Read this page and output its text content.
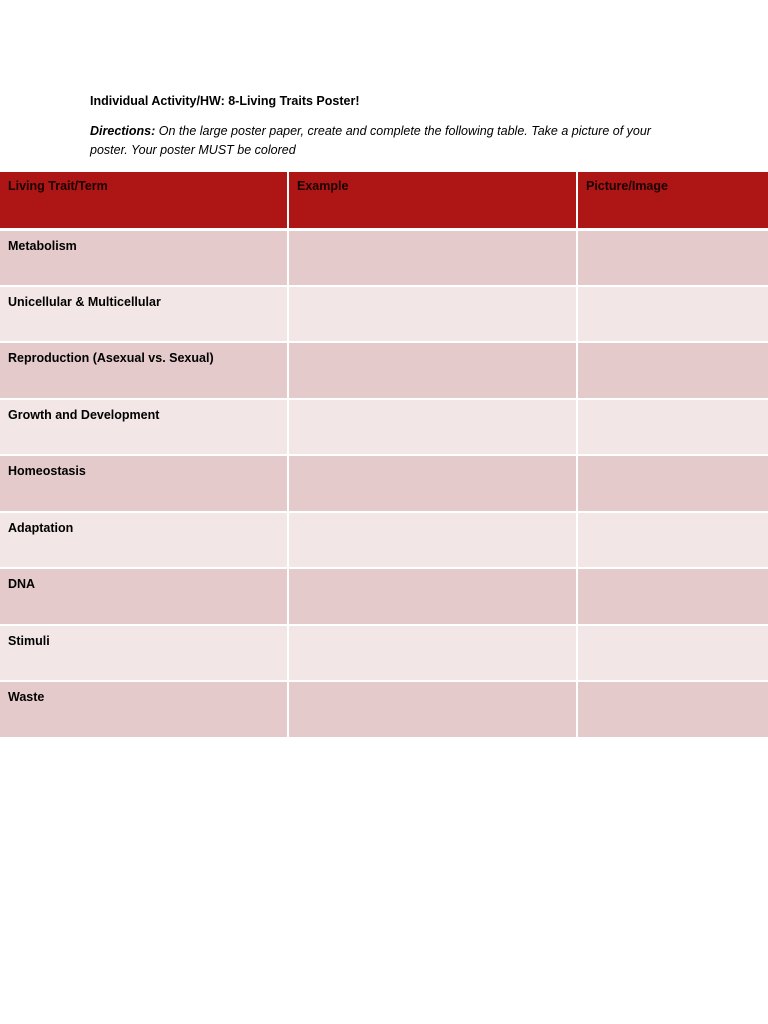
Individual Activity/HW: 8-Living Traits Poster!
Directions: On the large poster paper, create and complete the following table. Take a picture of your poster. Your poster MUST be colored
Living Trait/Term	Example	Picture/Image
Metabolism		
Unicellular & Multicellular		
Reproduction (Asexual vs. Sexual)		
Growth and Development		
Homeostasis		
Adaptation		
DNA		
Stimuli		
Waste		
